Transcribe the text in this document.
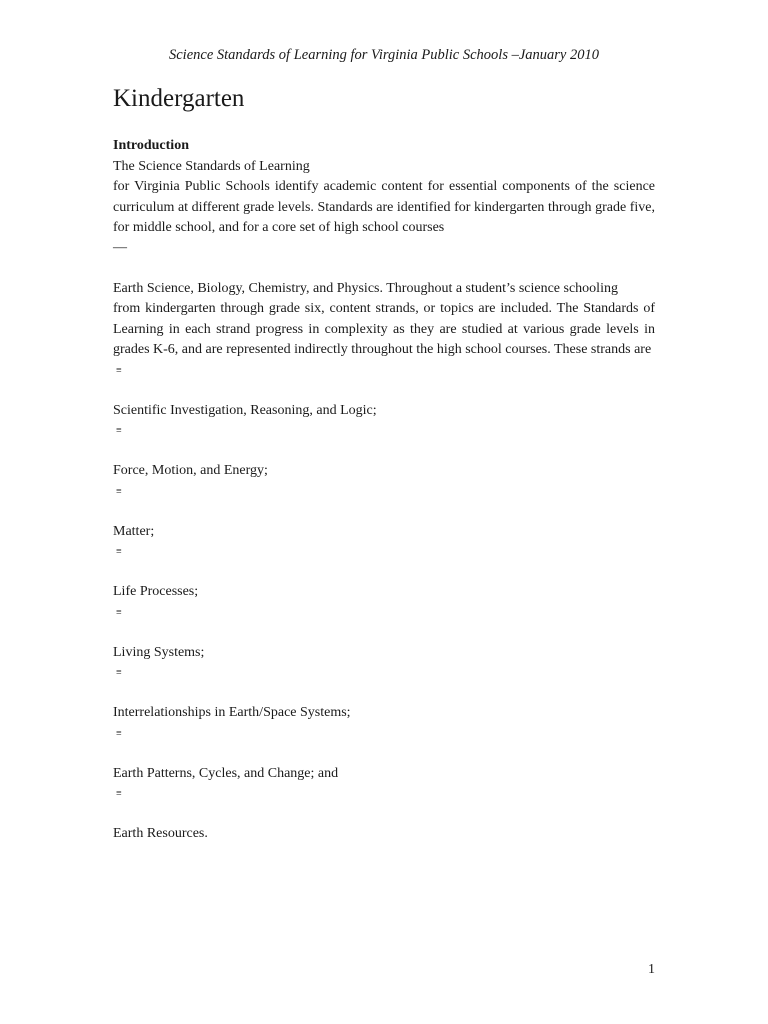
Science Standards of Learning for Virginia Public Schools –January 2010
Kindergarten

Introduction

The Science Standards of Learning

for Virginia Public Schools identify academic content for essential components of the science curriculum at different grade levels. Standards are identified for kindergarten through grade five, for middle school, and for a core set of high school courses

—

Earth Science, Biology, Chemistry, and Physics. Throughout a student’s science schooling

from kindergarten through grade six, content strands, or topics are included. The Standards of Learning in each strand progress in complexity as they are studied at various grade levels in grades K-6, and are represented indirectly throughout the high school courses. These strands are

≡

Scientific Investigation, Reasoning, and Logic;

≡

Force, Motion, and Energy;

≡

Matter;

≡

Life Processes;

≡

Living Systems;

≡

Interrelationships in Earth/Space Systems;

≡

Earth Patterns, Cycles, and Change; and

≡

Earth Resources.

1
